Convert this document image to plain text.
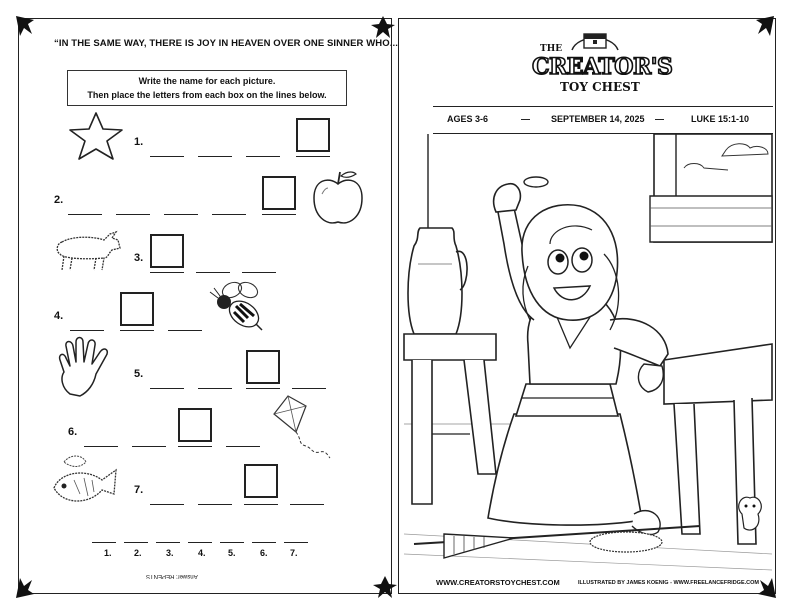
“IN THE SAME WAY, THERE IS JOY IN HEAVEN OVER ONE SINNER WHO...
Write the name for each picture.
Then place the letters from each box on the lines below.
1.
2.
3.
4.
5.
6.
7.
1. 2.	3.	4. 5.	6. 7.
Answer: REPENTS
THE
CREATOR'S
TOY CHEST
AGES 3-6	— SEPTEMBER 14, 2025 —	LUKE 15:1-10
WWW.CREATORSTOYCHEST.COM	ILLUSTRATED BY JAMES KOENIG - WWW.FREELANCEFRIDGE.COM
